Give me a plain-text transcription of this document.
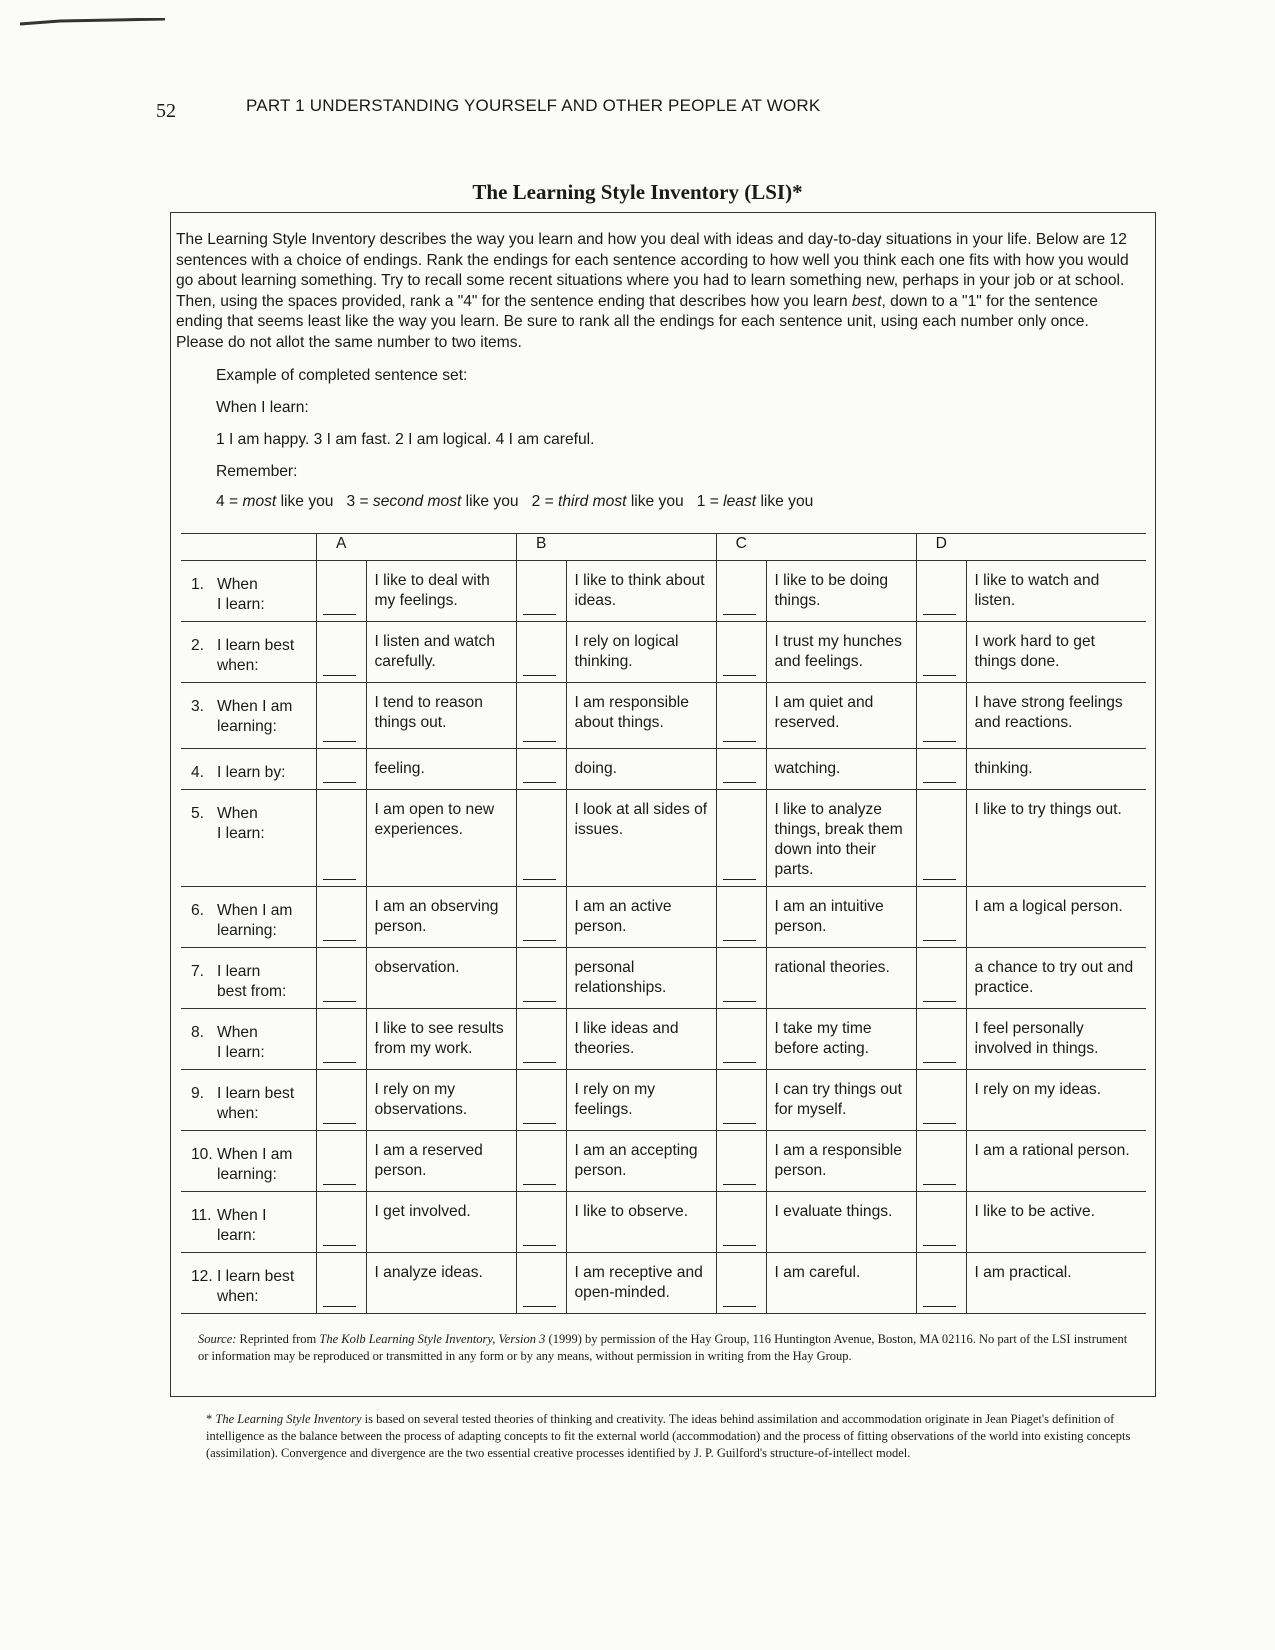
52	PART 1 UNDERSTANDING YOURSELF AND OTHER PEOPLE AT WORK
The Learning Style Inventory (LSI)*

The Learning Style Inventory describes the way you learn and how you deal with ideas and day-to-day situations in your life. Below are 12 sentences with a choice of endings. Rank the endings for each sentence according to how well you think each one fits with how you would go about learning something. Try to recall some recent situations where you had to learn something new, perhaps in your job or at school. Then, using the spaces provided, rank a "4" for the sentence ending that describes how you learn best, down to a "1" for the sentence ending that seems least like the way you learn. Be sure to rank all the endings for each sentence unit, using each number only once. Please do not allot the same number to two items.

Example of completed sentence set:

When I learn:

1 I am happy. 3 I am fast. 2 I am logical. 4 I am careful.

Remember:

4 = most like you 3 = second most like you 2 = third most like you 1 = least like you

	A		B		C		D	
1. When
I learn:		I like to deal with my feelings.		I like to think about ideas.		I like to be doing things.		I like to watch and listen.
2. I learn best
when:		I listen and watch carefully.		I rely on logical thinking.		I trust my hunches and feelings.		I work hard to get things done.
3. When I am
learning:		I tend to reason things out.		I am responsible about things.		I am quiet and reserved.		I have strong feelings and reactions.
4. I learn by:		feeling.		doing.		watching.		thinking.
5. When
I learn:		I am open to new experiences.		I look at all sides of issues.		I like to analyze things, break them down into their parts.		I like to try things out.
6. When I am
learning:		I am an observing person.		I am an active person.		I am an intuitive person.		I am a logical person.
7. I learn
best from:		observation.		personal relationships.		rational theories.		a chance to try out and practice.
8. When
I learn:		I like to see results from my work.		I like ideas and theories.		I take my time before acting.		I feel personally involved in things.
9. I learn best
when:		I rely on my observations.		I rely on my feelings.		I can try things out for myself.		I rely on my ideas.
10. When I am
learning:		I am a reserved person.		I am an accepting person.		I am a responsible person.		I am a rational person.
11. When I
learn:		I get involved.		I like to observe.		I evaluate things.		I like to be active.
12. I learn best
when:		I analyze ideas.		I am receptive and open-minded.		I am careful.		I am practical.

Source: Reprinted from The Kolb Learning Style Inventory, Version 3 (1999) by permission of the Hay Group, 116 Huntington Avenue, Boston, MA 02116. No part of the LSI instrument or information may be reproduced or transmitted in any form or by any means, without permission in writing from the Hay Group.

* The Learning Style Inventory is based on several tested theories of thinking and creativity. The ideas behind assimilation and accommodation originate in Jean Piaget's definition of intelligence as the balance between the process of adapting concepts to fit the external world (accommodation) and the process of fitting observations of the world into existing concepts (assimilation). Convergence and divergence are the two essential creative processes identified by J. P. Guilford's structure-of-intellect model.
